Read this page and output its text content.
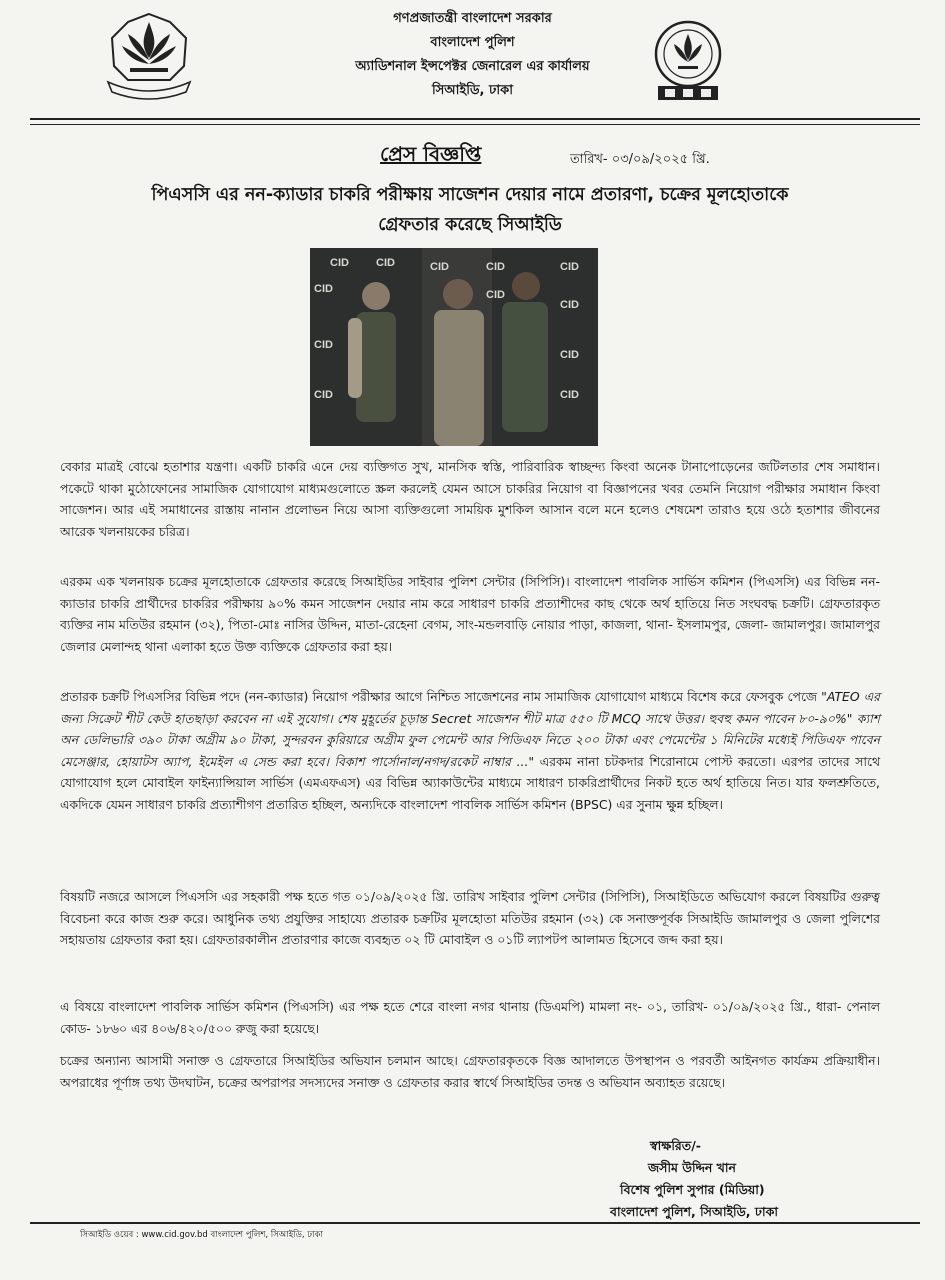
গণপ্রজাতন্ত্রী বাংলাদেশ সরকার
বাংলাদেশ পুলিশ
অ্যাডিশনাল ইন্সপেক্টর জেনারেল এর কার্যালয়
সিআইডি, ঢাকা
প্রেস বিজ্ঞপ্তি	তারিখ- ০৩/০৯/২০২৫ খ্রি.
পিএসসি এর নন-ক্যাডার চাকরি পরীক্ষায় সাজেশন দেয়ার নামে প্রতারণা, চক্রের মূলহোতাকে
গ্রেফতার করেছে সিআইডি
CID CID	CID	CID	CID
CID	CID
CID
CID
CID
CID
CID
বেকার মাত্রই বোঝে হতাশার যন্ত্রণা। একটি চাকরি এনে দেয় ব্যক্তিগত সুখ, মানসিক স্বস্তি, পারিবারিক স্বাচ্ছন্দ্য কিংবা অনেক টানাপোড়েনের জটিলতার শেষ সমাধান। পকেটে থাকা মুঠোফোনের সামাজিক যোগাযোগ মাধ্যমগুলোতে স্ক্রল করলেই যেমন আসে চাকরির নিয়োগ বা বিজ্ঞাপনের খবর তেমনি নিয়োগ পরীক্ষার সমাধান কিংবা সাজেশন। আর এই সমাধানের রাস্তায় নানান প্রলোভন নিয়ে আসা ব্যক্তিগুলো সাময়িক মুশকিল আসান বলে মনে হলেও শেষমেশ তারাও হয়ে ওঠে হতাশার জীবনের আরেক খলনায়কের চরিত্র।
এরকম এক খলনায়ক চক্রের মূলহোতাকে গ্রেফতার করেছে সিআইডির সাইবার পুলিশ সেন্টার (সিপিসি)। বাংলাদেশ পাবলিক সার্ভিস কমিশন (পিএসসি) এর বিভিন্ন নন-ক্যাডার চাকরি প্রার্থীদের চাকরির পরীক্ষায় ৯০% কমন সাজেশন দেয়ার নাম করে সাধারণ চাকরি প্রত্যাশীদের কাছ থেকে অর্থ হাতিয়ে নিত সংঘবদ্ধ চক্রটি। গ্রেফতারকৃত ব্যক্তির নাম মতিউর রহমান (৩২), পিতা-মোঃ নাসির উদ্দিন, মাতা-রেহেনা বেগম, সাং-মন্ডলবাড়ি নোয়ার পাড়া, কাজলা, থানা- ইসলামপুর, জেলা- জামালপুর। জামালপুর জেলার মেলান্দহ থানা এলাকা হতে উক্ত ব্যক্তিকে গ্রেফতার করা হয়।
প্রতারক চক্রটি পিএসসির বিভিন্ন পদে (নন-ক্যাডার) নিয়োগ পরীক্ষার আগে নিশ্চিত সাজেশনের নাম সামাজিক যোগাযোগ মাধ্যমে বিশেষ করে ফেসবুক পেজে "ATEO এর জন্য সিক্রেট শীট কেউ হাতছাড়া করবেন না এই সুযোগ। শেষ মুহূর্তের চূড়ান্ত Secret সাজেশন শীট মাত্র ৫৫০ টি MCQ সাথে উত্তর। হুবহু কমন পাবেন ৮০-৯০%" ক্যাশ অন ডেলিভারি ৩৯০ টাকা অগ্রীম ৯০ টাকা, সুন্দরবন কুরিয়ারে অগ্রীম ফুল পেমেন্ট আর পিডিএফ নিতে ২০০ টাকা এবং পেমেন্টের ১ মিনিটের মধ্যেই পিডিএফ পাবেন মেসেঞ্জার, হোয়াটস অ্যাপ, ইমেইল এ সেন্ড করা হবে। বিকাশ পার্সোনাল/নগদ/রকেট নাম্বার ..." এরকম নানা চটকদার শিরোনামে পোস্ট করতো। এরপর তাদের সাথে যোগাযোগ হলে মোবাইল ফাইন্যান্সিয়াল সার্ভিস (এমএফএস) এর বিভিন্ন অ্যাকাউন্টের মাধ্যমে সাধারণ চাকরিপ্রার্থীদের নিকট হতে অর্থ হাতিয়ে নিত। যার ফলশ্রুতিতে, একদিকে যেমন সাধারণ চাকরি প্রত্যাশীগণ প্রতারিত হচ্ছিল, অন্যদিকে বাংলাদেশ পাবলিক সার্ভিস কমিশন (BPSC) এর সুনাম ক্ষুন্ন হচ্ছিল।
বিষয়টি নজরে আসলে পিএসসি এর সহকারী পক্ষ হতে গত ০১/০৯/২০২৫ খ্রি. তারিখ সাইবার পুলিশ সেন্টার (সিপিসি), সিআইডিতে অভিযোগ করলে বিষয়টির গুরুত্ব বিবেচনা করে কাজ শুরু করে। আধুনিক তথ্য প্রযুক্তির সাহায্যে প্রতারক চক্রটির মূলহোতা মতিউর রহমান (৩২) কে সনাক্তপূর্বক সিআইডি জামালপুর ও জেলা পুলিশের সহায়তায় গ্রেফতার করা হয়। গ্রেফতারকালীন প্রতারণার কাজে ব্যবহৃত ০২ টি মোবাইল ও ০১টি ল্যাপটপ আলামত হিসেবে জব্দ করা হয়।
এ বিষয়ে বাংলাদেশ পাবলিক সার্ভিস কমিশন (পিএসসি) এর পক্ষ হতে শেরে বাংলা নগর থানায় (ডিএমপি) মামলা নং- ০১, তারিখ- ০১/০৯/২০২৫ খ্রি., ধারা- পেনাল কোড- ১৮৬০ এর ৪০৬/৪২০/৫০০ রুজু করা হয়েছে।
চক্রের অন্যান্য আসামী সনাক্ত ও গ্রেফতারে সিআইডির অভিযান চলমান আছে। গ্রেফতারকৃতকে বিজ্ঞ আদালতে উপস্থাপন ও পরবর্তী আইনগত কার্যক্রম প্রক্রিয়াধীন। অপরাধের পূর্ণাঙ্গ তথ্য উদঘাটন, চক্রের অপরাপর সদস্যদের সনাক্ত ও গ্রেফতার করার স্বার্থে সিআইডির তদন্ত ও অভিযান অব্যাহত রয়েছে।
স্বাক্ষরিত/-
জসীম উদ্দিন খান
বিশেষ পুলিশ সুপার (মিডিয়া)
বাংলাদেশ পুলিশ, সিআইডি, ঢাকা
সিআইডি ওয়েব : www.cid.gov.bd বাংলাদেশ পুলিশ, সিআইডি, ঢাকা
